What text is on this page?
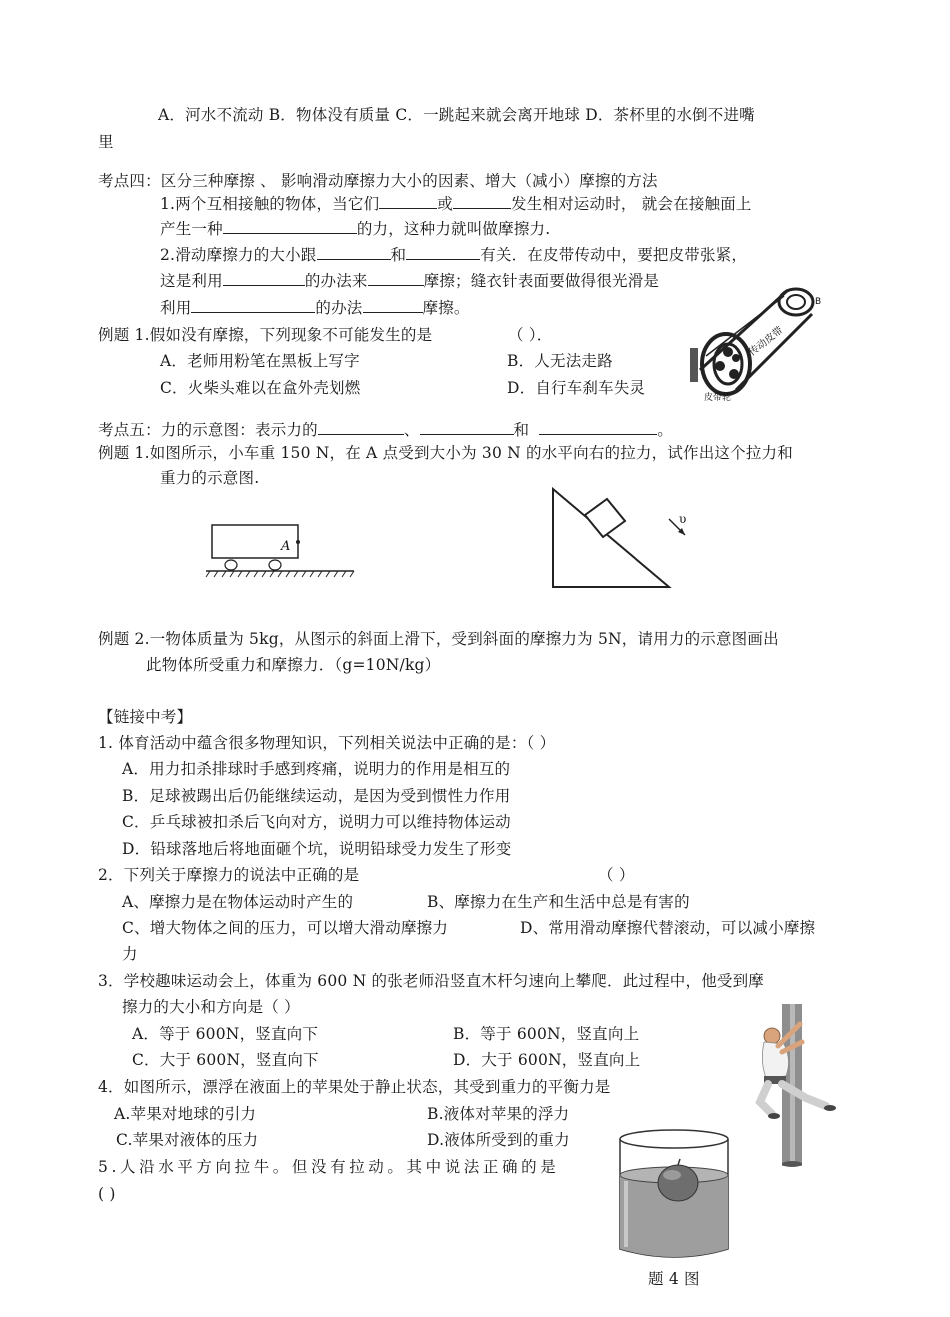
A．河水不流动 B．物体没有质量 C．一跳起来就会离开地球 D．茶杯里的水倒不进嘴
里
考点四：区分三种摩擦 、 影响滑动摩擦力大小的因素、增大（减小）摩擦的方法
1.两个互相接触的物体，当它们	或	发生相对运动时， 就会在接触面上
产生一种	的力，这种力就叫做摩擦力.
2.滑动摩擦力的大小跟	和	有关．在皮带传动中，要把皮带张紧，
这是利用	的办法来	摩擦；缝衣针表面要做得很光滑是
利用	的办法	摩擦。
例题 1.假如没有摩擦，下列现象不可能发生的是	（ ）．
A．老师用粉笔在黑板上写字	B．人无法走路
C．火柴头难以在盒外壳划燃	D．自行车刹车失灵
传动皮带
皮带轮
B
考点五：力的示意图：表示力的	、	和	。
例题 1.如图所示，小车重 150 N，在 A 点受到大小为 30 N 的水平向右的拉力，试作出这个拉力和
重力的示意图.
A
υ
例题 2.一物体质量为 5kg，从图示的斜面上滑下，受到斜面的摩擦力为 5N，请用力的示意图画出
此物体所受重力和摩擦力．（g=10N/kg）
【链接中考】
1. 体育活动中蕴含很多物理知识，下列相关说法中正确的是：（ ）
A．用力扣杀排球时手感到疼痛，说明力的作用是相互的
B．足球被踢出后仍能继续运动，是因为受到惯性力作用
C．乒乓球被扣杀后飞向对方，说明力可以维持物体运动
D．铅球落地后将地面砸个坑，说明铅球受力发生了形变
2．下列关于摩擦力的说法中正确的是	（ ）
A、摩擦力是在物体运动时产生的	B、摩擦力在生产和生活中总是有害的
C、增大物体之间的压力，可以增大滑动摩擦力	D、常用滑动摩擦代替滚动，可以减小摩擦
力
3．学校趣味运动会上，体重为 600 N 的张老师沿竖直木杆匀速向上攀爬．此过程中，他受到摩
擦力的大小和方向是（ ）
A．等于 600N，竖直向下	B．等于 600N，竖直向上
C．大于 600N，竖直向下	D．大于 600N，竖直向上
4．如图所示，漂浮在液面上的苹果处于静止状态，其受到重力的平衡力是
A.苹果对地球的引力	B.液体对苹果的浮力
C.苹果对液体的压力	D.液体所受到的重力
5.人沿水平方向拉牛。但没有拉动。其中说法正确的是
( )
题 4 图
